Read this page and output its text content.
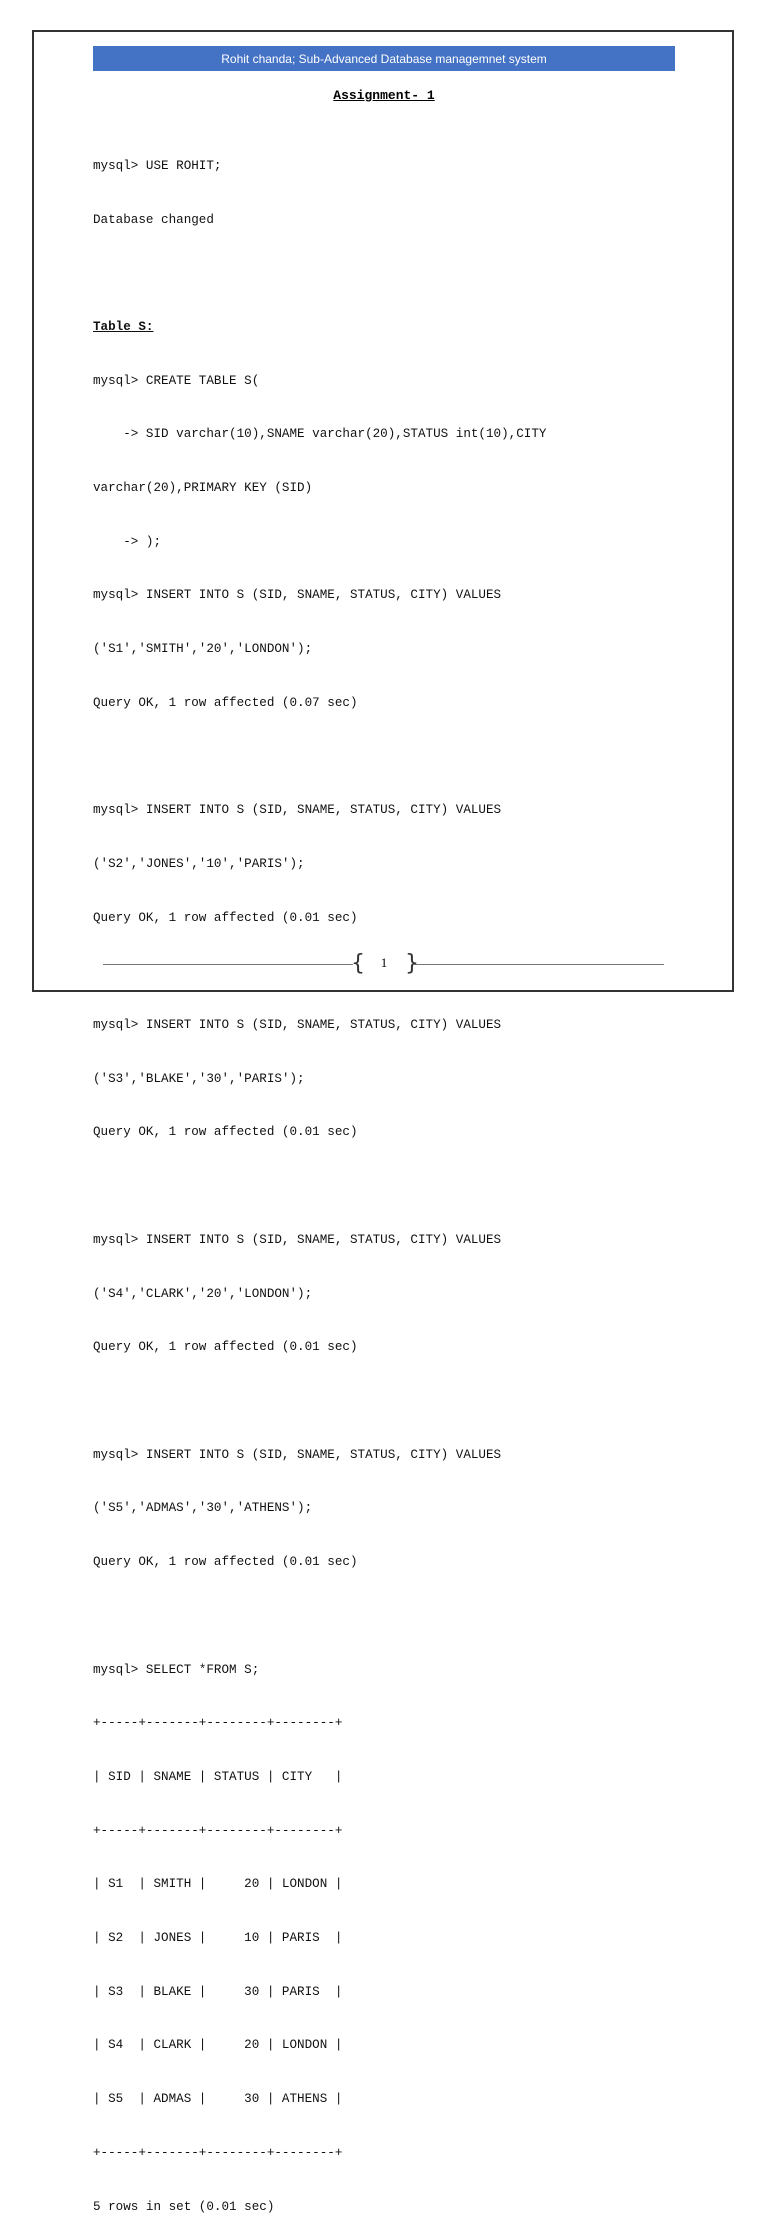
Rohit chanda; Sub-Advanced Database managemnet system
Assignment- 1

mysql> USE ROHIT;

Database changed

Table S:

mysql> CREATE TABLE S(

-> SID varchar(10),SNAME varchar(20),STATUS int(10),CITY

varchar(20),PRIMARY KEY (SID)

-> );

mysql> INSERT INTO S (SID, SNAME, STATUS, CITY) VALUES

('S1','SMITH','20','LONDON');

Query OK, 1 row affected (0.07 sec)

mysql> INSERT INTO S (SID, SNAME, STATUS, CITY) VALUES

('S2','JONES','10','PARIS');

Query OK, 1 row affected (0.01 sec)

mysql> INSERT INTO S (SID, SNAME, STATUS, CITY) VALUES

('S3','BLAKE','30','PARIS');

Query OK, 1 row affected (0.01 sec)

mysql> INSERT INTO S (SID, SNAME, STATUS, CITY) VALUES

('S4','CLARK','20','LONDON');

Query OK, 1 row affected (0.01 sec)

mysql> INSERT INTO S (SID, SNAME, STATUS, CITY) VALUES

('S5','ADMAS','30','ATHENS');

Query OK, 1 row affected (0.01 sec)

mysql> SELECT *FROM S;

+-----+-------+--------+--------+

| SID | SNAME | STATUS | CITY   |

+-----+-------+--------+--------+

| S1  | SMITH |     20 | LONDON |

| S2  | JONES |     10 | PARIS  |

| S3  | BLAKE |     30 | PARIS  |

| S4  | CLARK |     20 | LONDON |

| S5  | ADMAS |     30 | ATHENS |

+-----+-------+--------+--------+

5 rows in set (0.01 sec)

{	1 }
